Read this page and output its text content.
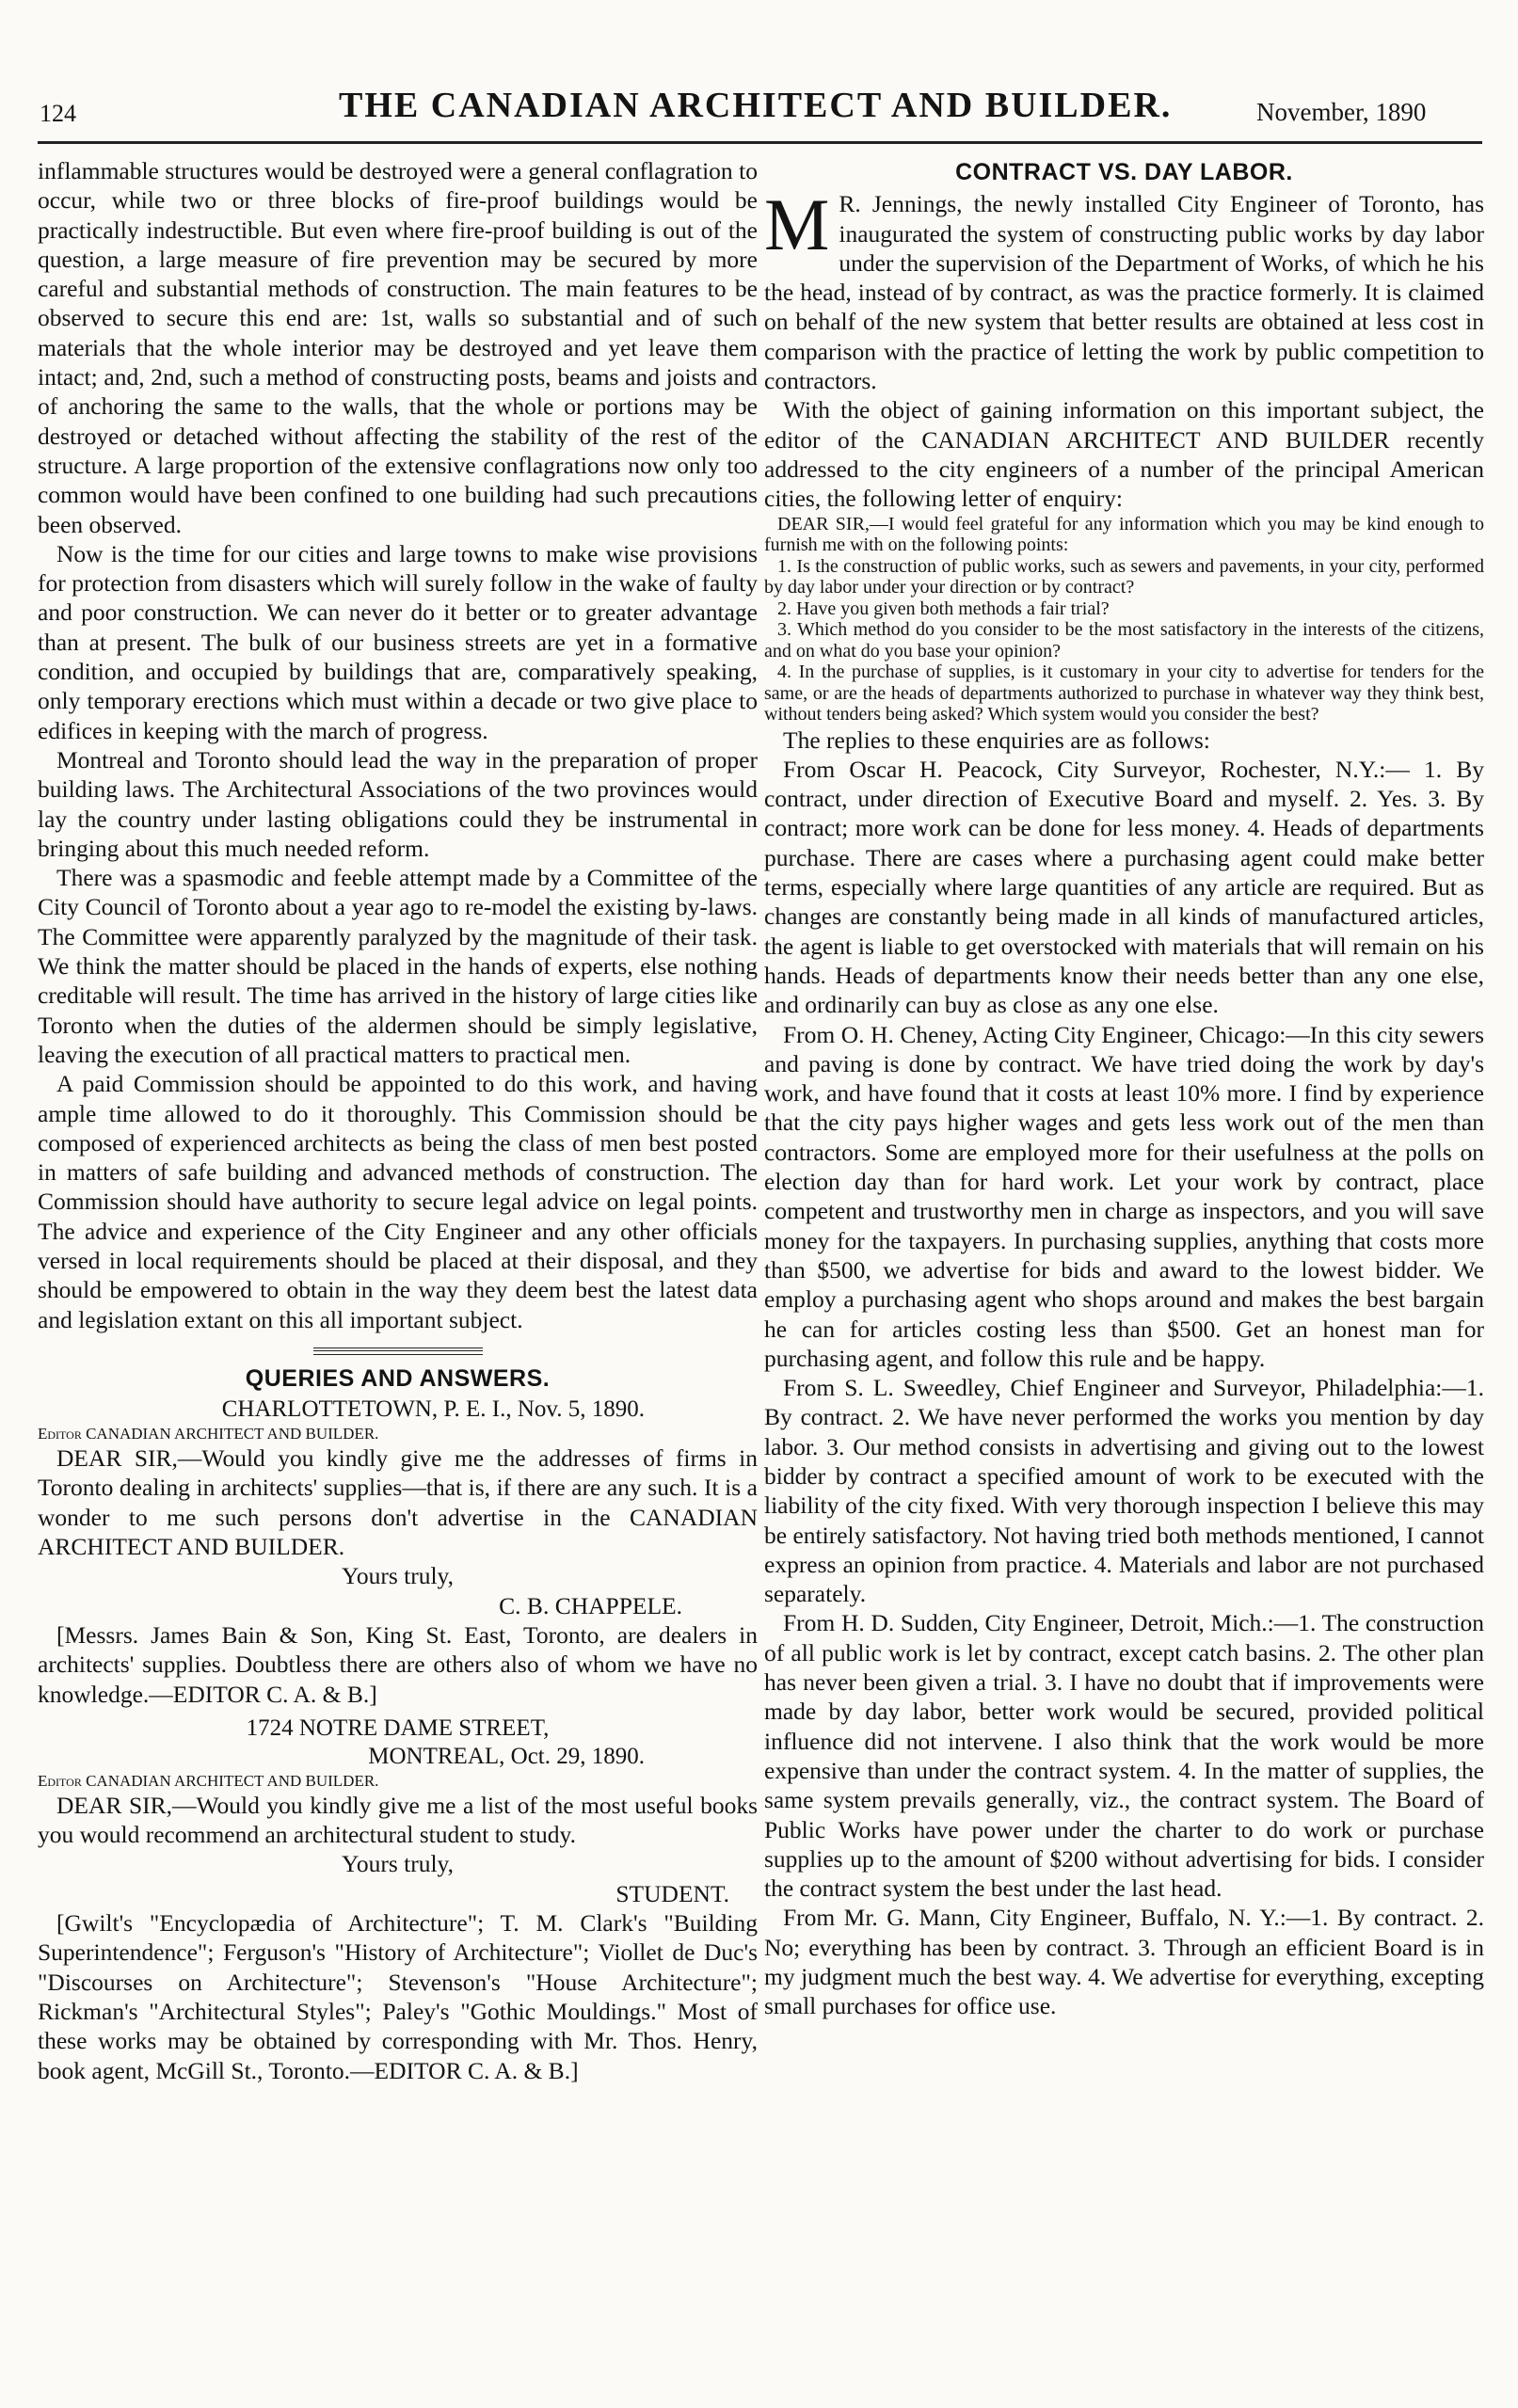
124	THE CANADIAN ARCHITECT AND BUILDER.	November, 1890

inflammable structures would be destroyed were a general conflagration to occur, while two or three blocks of fire-proof buildings would be practically indestructible. But even where fire-proof building is out of the question, a large measure of fire prevention may be secured by more careful and substantial methods of construction. The main features to be observed to secure this end are: 1st, walls so substantial and of such materials that the whole interior may be destroyed and yet leave them intact; and, 2nd, such a method of constructing posts, beams and joists and of anchoring the same to the walls, that the whole or portions may be destroyed or detached without affecting the stability of the rest of the structure. A large proportion of the extensive conflagrations now only too common would have been confined to one building had such precautions been observed.

Now is the time for our cities and large towns to make wise provisions for protection from disasters which will surely follow in the wake of faulty and poor construction. We can never do it better or to greater advantage than at present. The bulk of our business streets are yet in a formative condition, and occupied by buildings that are, comparatively speaking, only temporary erections which must within a decade or two give place to edifices in keeping with the march of progress.

Montreal and Toronto should lead the way in the preparation of proper building laws. The Architectural Associations of the two provinces would lay the country under lasting obligations could they be instrumental in bringing about this much needed reform.

There was a spasmodic and feeble attempt made by a Committee of the City Council of Toronto about a year ago to re-model the existing by-laws. The Committee were apparently paralyzed by the magnitude of their task. We think the matter should be placed in the hands of experts, else nothing creditable will result. The time has arrived in the history of large cities like Toronto when the duties of the aldermen should be simply legislative, leaving the execution of all practical matters to practical men.

A paid Commission should be appointed to do this work, and having ample time allowed to do it thoroughly. This Commission should be composed of experienced architects as being the class of men best posted in matters of safe building and advanced methods of construction. The Commission should have authority to secure legal advice on legal points. The advice and experience of the City Engineer and any other officials versed in local requirements should be placed at their disposal, and they should be empowered to obtain in the way they deem best the latest data and legislation extant on this all important subject.

QUERIES AND ANSWERS.

CHARLOTTETOWN, P. E. I., Nov. 5, 1890.

Editor CANADIAN ARCHITECT AND BUILDER.

DEAR SIR,—Would you kindly give me the addresses of firms in Toronto dealing in architects' supplies—that is, if there are any such. It is a wonder to me such persons don't advertise in the CANADIAN ARCHITECT AND BUILDER.

Yours truly,

C. B. CHAPPELE.

[Messrs. James Bain & Son, King St. East, Toronto, are dealers in architects' supplies. Doubtless there are others also of whom we have no knowledge.—EDITOR C. A. & B.]

1724 NOTRE DAME STREET,

MONTREAL, Oct. 29, 1890.

Editor CANADIAN ARCHITECT AND BUILDER.

DEAR SIR,—Would you kindly give me a list of the most useful books you would recommend an architectural student to study.

Yours truly,

STUDENT.

[Gwilt's "Encyclopædia of Architecture"; T. M. Clark's "Building Superintendence"; Ferguson's "History of Architecture"; Viollet de Duc's "Discourses on Architecture"; Stevenson's "House Architecture"; Rickman's "Architectural Styles"; Paley's "Gothic Mouldings." Most of these works may be obtained by corresponding with Mr. Thos. Henry, book agent, McGill St., Toronto.—EDITOR C. A. & B.]

CONTRACT VS. DAY LABOR.

M R. Jennings, the newly installed City Engineer of Toronto, has inaugurated the system of constructing public works by day labor under the supervision of the Department of Works, of which he his the head, instead of by contract, as was the practice formerly. It is claimed on behalf of the new system that better results are obtained at less cost in comparison with the practice of letting the work by public competition to contractors.

With the object of gaining information on this important subject, the editor of the CANADIAN ARCHITECT AND BUILDER recently addressed to the city engineers of a number of the principal American cities, the following letter of enquiry:

DEAR SIR,—I would feel grateful for any information which you may be kind enough to furnish me with on the following points:

1. Is the construction of public works, such as sewers and pavements, in your city, performed by day labor under your direction or by contract?

2. Have you given both methods a fair trial?

3. Which method do you consider to be the most satisfactory in the interests of the citizens, and on what do you base your opinion?

4. In the purchase of supplies, is it customary in your city to advertise for tenders for the same, or are the heads of departments authorized to purchase in whatever way they think best, without tenders being asked? Which system would you consider the best?

The replies to these enquiries are as follows:

From Oscar H. Peacock, City Surveyor, Rochester, N.Y.:— 1. By contract, under direction of Executive Board and myself. 2. Yes. 3. By contract; more work can be done for less money. 4. Heads of departments purchase. There are cases where a purchasing agent could make better terms, especially where large quantities of any article are required. But as changes are constantly being made in all kinds of manufactured articles, the agent is liable to get overstocked with materials that will remain on his hands. Heads of departments know their needs better than any one else, and ordinarily can buy as close as any one else.

From O. H. Cheney, Acting City Engineer, Chicago:—In this city sewers and paving is done by contract. We have tried doing the work by day's work, and have found that it costs at least 10% more. I find by experience that the city pays higher wages and gets less work out of the men than contractors. Some are employed more for their usefulness at the polls on election day than for hard work. Let your work by contract, place competent and trustworthy men in charge as inspectors, and you will save money for the taxpayers. In purchasing supplies, anything that costs more than $500, we advertise for bids and award to the lowest bidder. We employ a purchasing agent who shops around and makes the best bargain he can for articles costing less than $500. Get an honest man for purchasing agent, and follow this rule and be happy.

From S. L. Sweedley, Chief Engineer and Surveyor, Philadelphia:—1. By contract. 2. We have never performed the works you mention by day labor. 3. Our method consists in advertising and giving out to the lowest bidder by contract a specified amount of work to be executed with the liability of the city fixed. With very thorough inspection I believe this may be entirely satisfactory. Not having tried both methods mentioned, I cannot express an opinion from practice. 4. Materials and labor are not purchased separately.

From H. D. Sudden, City Engineer, Detroit, Mich.:—1. The construction of all public work is let by contract, except catch basins. 2. The other plan has never been given a trial. 3. I have no doubt that if improvements were made by day labor, better work would be secured, provided political influence did not intervene. I also think that the work would be more expensive than under the contract system. 4. In the matter of supplies, the same system prevails generally, viz., the contract system. The Board of Public Works have power under the charter to do work or purchase supplies up to the amount of $200 without advertising for bids. I consider the contract system the best under the last head.

From Mr. G. Mann, City Engineer, Buffalo, N. Y.:—1. By contract. 2. No; everything has been by contract. 3. Through an efficient Board is in my judgment much the best way. 4. We advertise for everything, excepting small purchases for office use.
